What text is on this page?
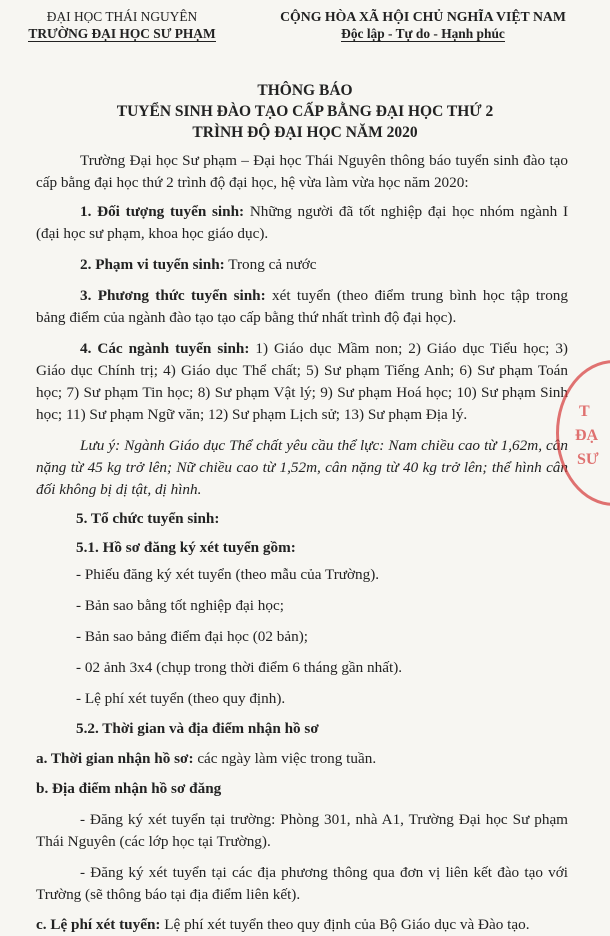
ĐẠI HỌC THÁI NGUYÊN
TRƯỜNG ĐẠI HỌC SƯ PHẠM
CỘNG HÒA XÃ HỘI CHỦ NGHĨA VIỆT NAM
Độc lập - Tự do - Hạnh phúc
THÔNG BÁO
TUYỂN SINH ĐÀO TẠO CẤP BẰNG ĐẠI HỌC THỨ 2
TRÌNH ĐỘ ĐẠI HỌC NĂM 2020

Trường Đại học Sư phạm – Đại học Thái Nguyên thông báo tuyển sinh đào tạo cấp bằng đại học thứ 2 trình độ đại học, hệ vừa làm vừa học năm 2020:

1. Đối tượng tuyển sinh: Những người đã tốt nghiệp đại học nhóm ngành I (đại học sư phạm, khoa học giáo dục).

2. Phạm vi tuyển sinh: Trong cả nước

3. Phương thức tuyển sinh: xét tuyển (theo điểm trung bình học tập trong bảng điểm của ngành đào tạo tạo cấp bằng thứ nhất trình độ đại học).

4. Các ngành tuyển sinh: 1) Giáo dục Mầm non; 2) Giáo dục Tiểu học; 3) Giáo dục Chính trị; 4) Giáo dục Thể chất; 5) Sư phạm Tiếng Anh; 6) Sư phạm Toán học; 7) Sư phạm Tin học; 8) Sư phạm Vật lý; 9) Sư phạm Hoá học; 10) Sư phạm Sinh học; 11) Sư phạm Ngữ văn; 12) Sư phạm Lịch sử; 13) Sư phạm Địa lý.

Lưu ý: Ngành Giáo dục Thể chất yêu cầu thể lực: Nam chiều cao từ 1,62m, cân nặng từ 45 kg trở lên; Nữ chiều cao từ 1,52m, cân nặng từ 40 kg trở lên; thể hình cân đối không bị dị tật, dị hình.

5. Tổ chức tuyển sinh:

5.1. Hồ sơ đăng ký xét tuyển gồm:

- Phiếu đăng ký xét tuyển (theo mẫu của Trường).

- Bản sao bằng tốt nghiệp đại học;

- Bản sao bảng điểm đại học (02 bản);

- 02 ảnh 3x4 (chụp trong thời điểm 6 tháng gần nhất).

- Lệ phí xét tuyển (theo quy định).

5.2. Thời gian và địa điểm nhận hồ sơ

a. Thời gian nhận hồ sơ: các ngày làm việc trong tuần.

b. Địa điểm nhận hồ sơ đăng

- Đăng ký xét tuyển tại trường: Phòng 301, nhà A1, Trường Đại học Sư phạm Thái Nguyên (các lớp học tại Trường).

- Đăng ký xét tuyển tại các địa phương thông qua đơn vị liên kết đào tạo với Trường (sẽ thông báo tại địa điểm liên kết).

c. Lệ phí xét tuyển: Lệ phí xét tuyển theo quy định của Bộ Giáo dục và Đào tạo.

T
ĐẠ
SƯ
